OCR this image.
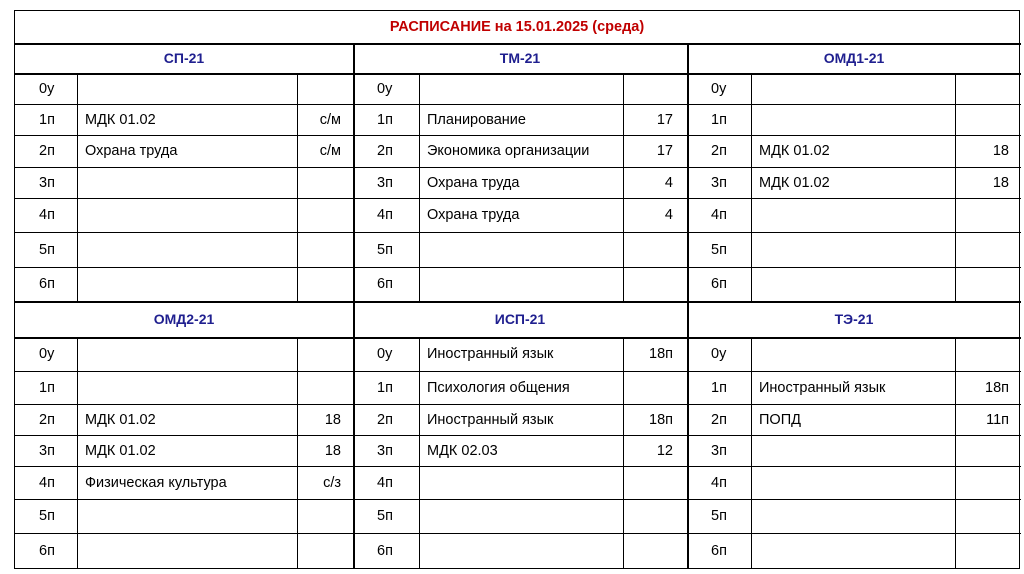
РАСПИСАНИЕ на 15.01.2025 (среда)
СП-21
0у
1п МДК 01.02	с/м
2п Охрана труда	с/м
3п
4п
5п
6п
ТМ-21
0у
1п Планирование	17
2п Экономика организации	17
3п Охрана труда	4
4п Охрана труда	4
5п
6п
ОМД1-21
0у
1п
2п МДК 01.02	18
3п МДК 01.02	18
4п
5п
6п
ОМД2-21
0у
1п
2п МДК 01.02	18
3п МДК 01.02	18
4п Физическая культура	с/з
5п
6п
ИСП-21
0у Иностранный язык	18п
1п Психология общения
2п Иностранный язык	18п
3п МДК 02.03	12
4п
5п
6п
ТЭ-21
0у
1п Иностранный язык	18п
2п ПОПД	11п
3п
4п
5п
6п
